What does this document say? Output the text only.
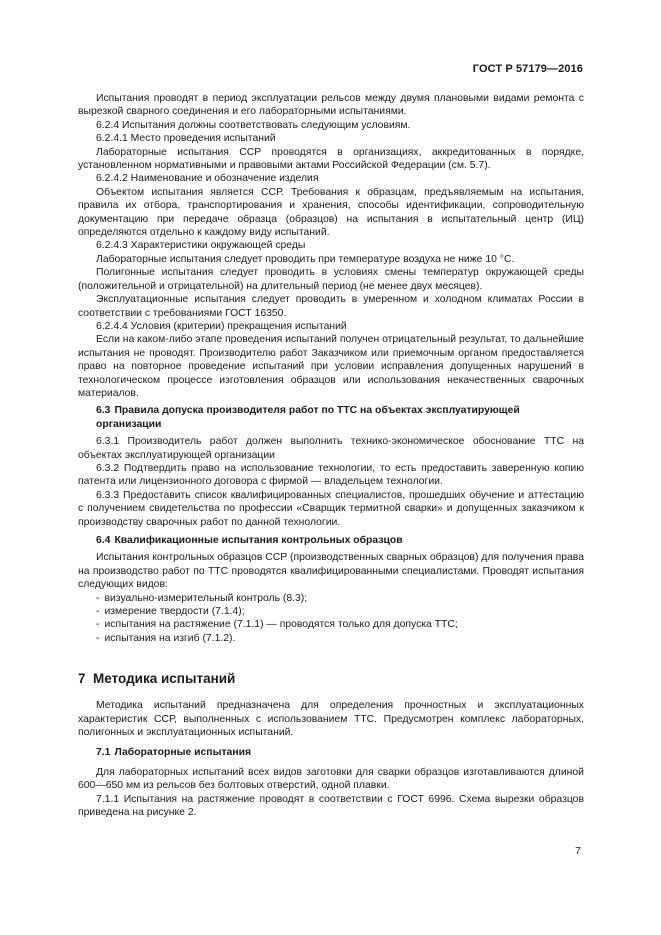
ГОСТ Р 57179—2016

Испытания проводят в период эксплуатации рельсов между двумя плановыми видами ремонта с вырезкой сварного соединения и его лабораторными испытаниями.

6.2.4 Испытания должны соответствовать следующим условиям.

6.2.4.1 Место проведения испытаний

Лабораторные испытания ССР проводятся в организациях, аккредитованных в порядке, установленном нормативными и правовыми актами Российской Федерации (см. 5.7).

6.2.4.2 Наименование и обозначение изделия

Объектом испытания является ССР. Требования к образцам, предъявляемым на испытания, правила их отбора, транспортирования и хранения, способы идентификации, сопроводительную документацию при передаче образца (образцов) на испытания в испытательный центр (ИЦ) определяются отдельно к каждому виду испытаний.

6.2.4.3 Характеристики окружающей среды

Лабораторные испытания следует проводить при температуре воздуха не ниже 10 °С.

Полигонные испытания следует проводить в условиях смены температур окружающей среды (положительной и отрицательной) на длительный период (не менее двух месяцев).

Эксплуатационные испытания следует проводить в умеренном и холодном климатах России в соответствии с требованиями ГОСТ 16350.

6.2.4.4 Условия (критерии) прекращения испытаний

Если на каком-либо этапе проведения испытаний получен отрицательный результат, то дальнейшие испытания не проводят. Производителю работ Заказчиком или приемочным органом предоставляется право на повторное проведение испытаний при условии исправления допущенных нарушений в технологическом процессе изготовления образцов или использования некачественных сварочных материалов.

6.3 Правила допуска производителя работ по ТТС на объектах эксплуатирующей организации

6.3.1 Производитель работ должен выполнить технико-экономическое обоснование ТТС на объектах эксплуатирующей организации

6.3.2 Подтвердить право на использование технологии, то есть предоставить заверенную копию патента или лицензионного договора с фирмой — владельцем технологии.

6.3.3 Предоставить список квалифицированных специалистов, прошедших обучение и аттестацию с получением свидетельства по профессии «Сварщик термитной сварки» и допущенных заказчиком к производству сварочных работ по данной технологии.

6.4 Квалификационные испытания контрольных образцов

Испытания контрольных образцов ССР (производственных сварных образцов) для получения права на производство работ по ТТС проводятся квалифицированными специалистами. Проводят испытания следующих видов:

- визуально-измерительный контроль (8.3);
- измерение твердости (7.1.4);
- испытания на растяжение (7.1.1) — проводятся только для допуска ТТС;
- испытания на изгиб (7.1.2).

7 Методика испытаний

Методика испытаний предназначена для определения прочностных и эксплуатационных характеристик ССР, выполненных с использованием ТТС. Предусмотрен комплекс лабораторных, полигонных и эксплуатационных испытаний.

7.1 Лабораторные испытания

Для лабораторных испытаний всех видов заготовки для сварки образцов изготавливаются длиной 600—650 мм из рельсов без болтовых отверстий, одной плавки.

7.1.1 Испытания на растяжение проводят в соответствии с ГОСТ 6996. Схема вырезки образцов приведена на рисунке 2.

7
